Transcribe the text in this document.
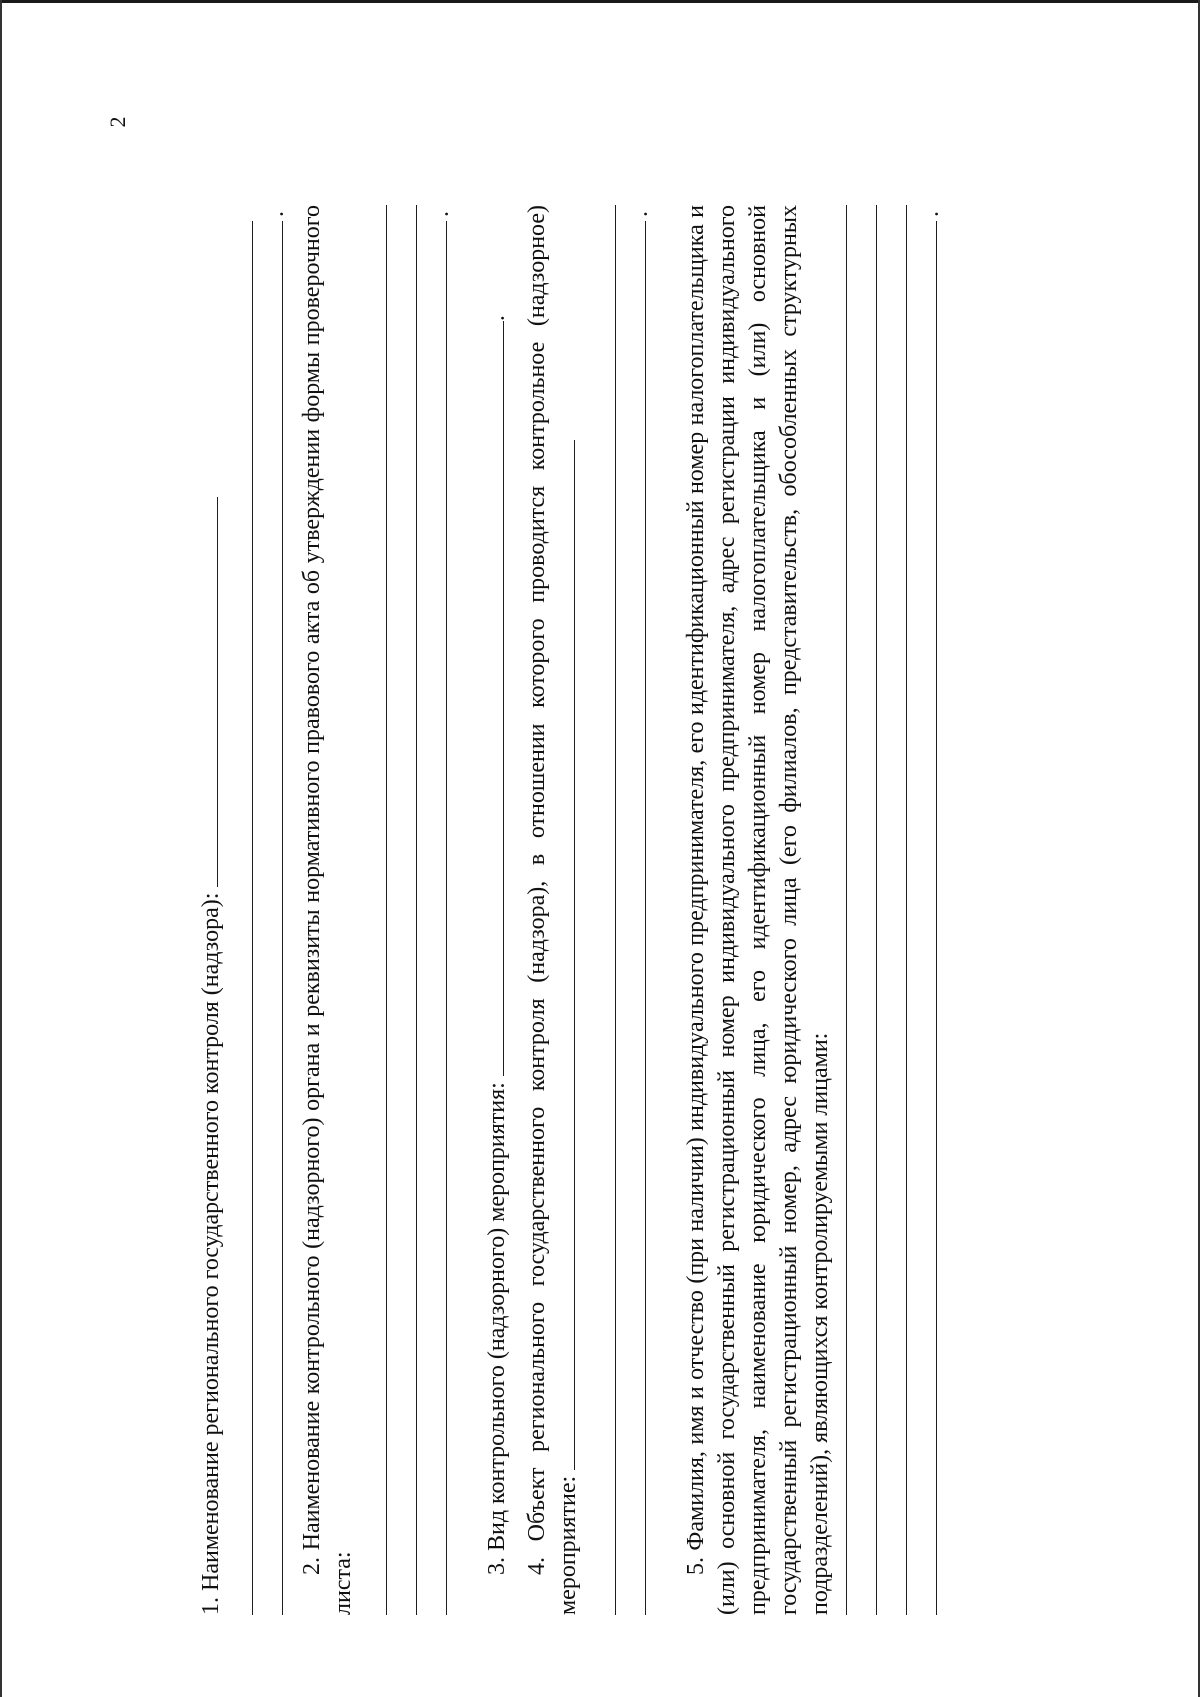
2

1. Наименование регионального государственного контроля (надзора):

. 2. Наименование контрольного (надзорного) органа и реквизиты нормативного правового акта об утверждении формы проверочного листа:

.

3. Вид контрольного (надзорного) мероприятия: . 4. Объект регионального государственного контроля (надзора), в отношении которого проводится контрольное (надзорное) мероприятие:

. 5. Фамилия, имя и отчество (при наличии) индивидуального предпринимателя, его идентификационный номер налогоплательщика и (или) основной государственный регистрационный номер индивидуального предпринимателя, адрес регистрации индивидуального предпринимателя, наименование юридического лица, его идентификационный номер налогоплательщика и (или) основной государственный регистрационный номер, адрес юридического лица (его филиалов, представительств, обособленных структурных подразделений), являющихся контролируемыми лицами:

.
